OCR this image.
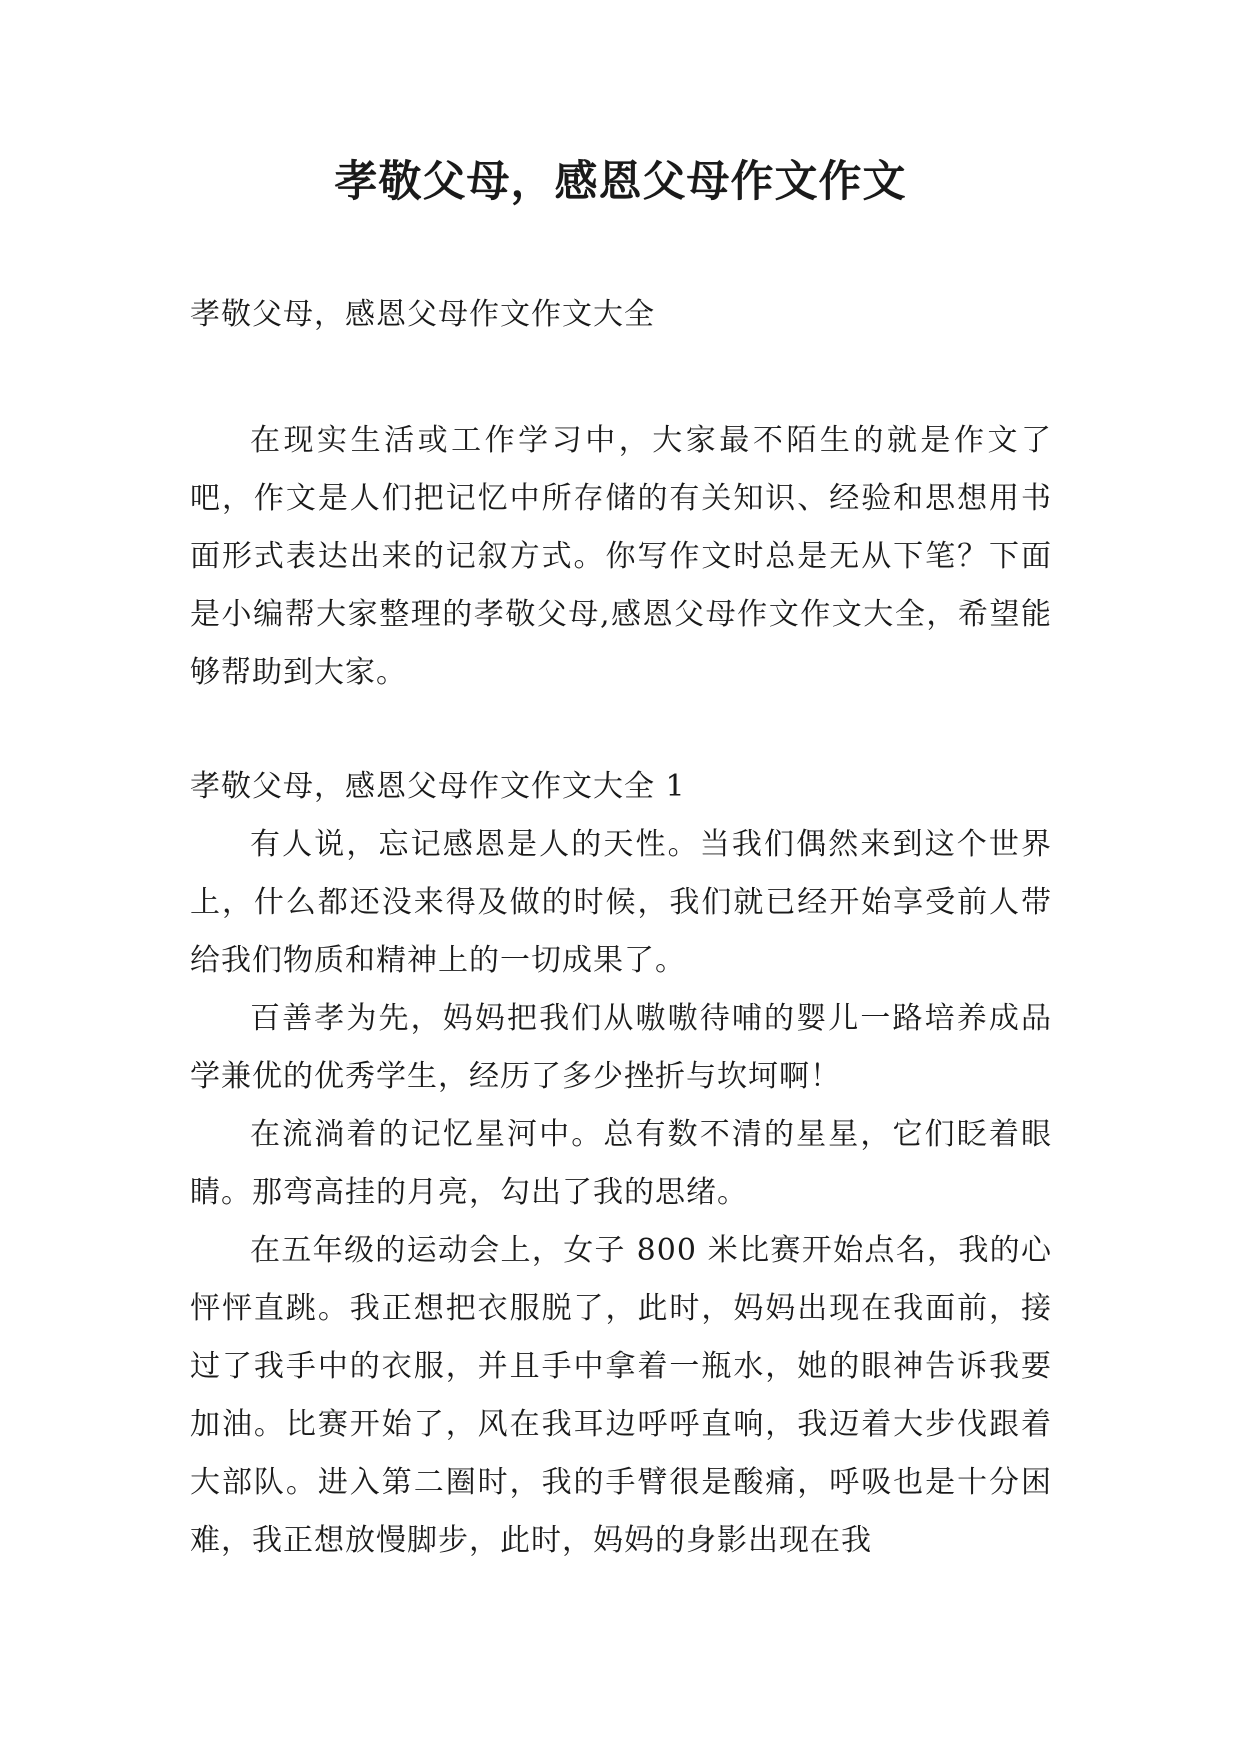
孝敬父母，感恩父母作文作文

孝敬父母，感恩父母作文作文大全

在现实生活或工作学习中，大家最不陌生的就是作文了吧，作文是人们把记忆中所存储的有关知识、经验和思想用书面形式表达出来的记叙方式。你写作文时总是无从下笔？下面是小编帮大家整理的孝敬父母,感恩父母作文作文大全，希望能够帮助到大家。

孝敬父母，感恩父母作文作文大全 1

有人说，忘记感恩是人的天性。当我们偶然来到这个世界上，什么都还没来得及做的时候，我们就已经开始享受前人带给我们物质和精神上的一切成果了。

百善孝为先，妈妈把我们从嗷嗷待哺的婴儿一路培养成品学兼优的优秀学生，经历了多少挫折与坎坷啊！

在流淌着的记忆星河中。总有数不清的星星，它们眨着眼睛。那弯高挂的月亮，勾出了我的思绪。

在五年级的运动会上，女子 800 米比赛开始点名，我的心怦怦直跳。我正想把衣服脱了，此时，妈妈出现在我面前，接过了我手中的衣服，并且手中拿着一瓶水，她的眼神告诉我要加油。比赛开始了，风在我耳边呼呼直响，我迈着大步伐跟着大部队。进入第二圈时，我的手臂很是酸痛，呼吸也是十分困难，我正想放慢脚步，此时，妈妈的身影出现在我
